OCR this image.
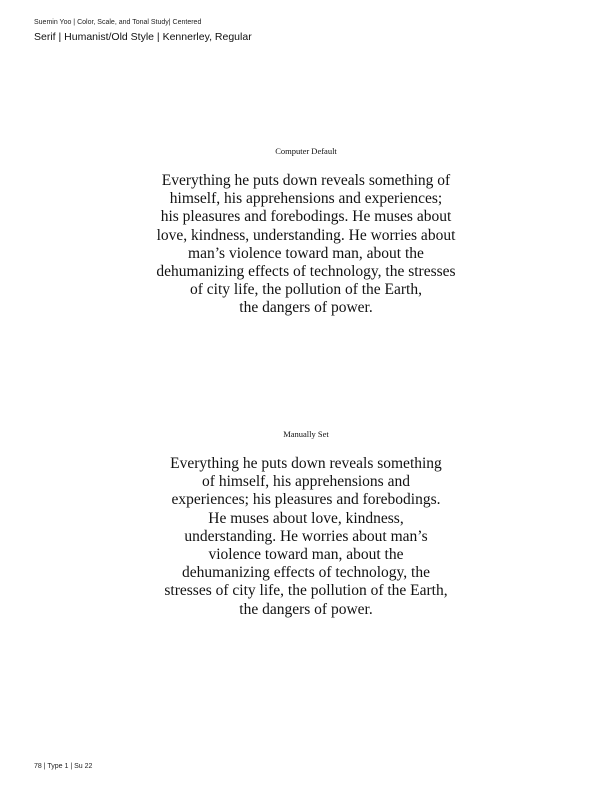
Suemin Yoo | Color, Scale, and Tonal Study| Centered
Serif | Humanist/Old Style | Kennerley, Regular
Computer Default
Everything he puts down reveals something of
himself, his apprehensions and experiences;
his pleasures and forebodings. He muses about
love, kindness, understanding. He worries about
man’s violence toward man, about the
dehumanizing effects of technology, the stresses
of city life, the pollution of the Earth,
the dangers of power.
Manually Set
Everything he puts down reveals something
of himself, his apprehensions and
experiences; his pleasures and forebodings.
He muses about love, kindness,
understanding. He worries about man’s
violence toward man, about the
dehumanizing effects of technology, the
stresses of city life, the pollution of the Earth,
the dangers of power.
78 | Type 1 | Su 22
